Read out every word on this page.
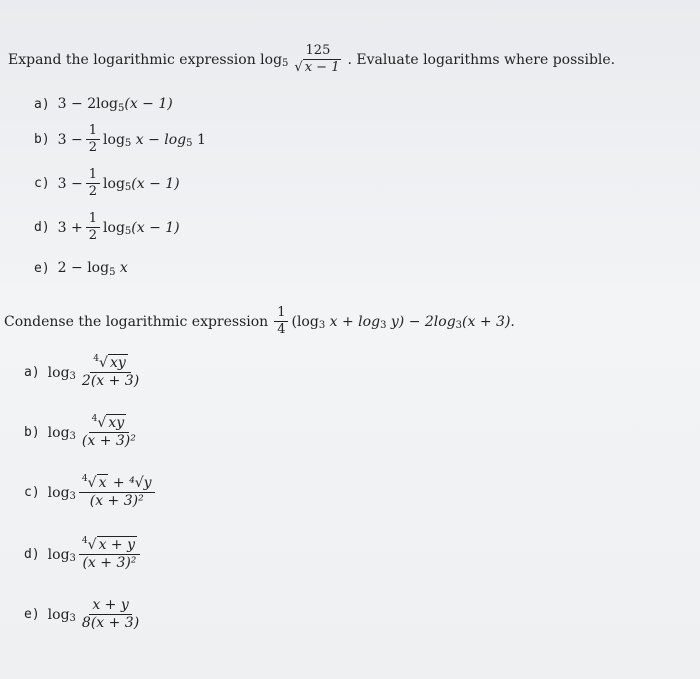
Expand the logarithmic expression $\log 5 \frac{125}{√ x - 1}$ . Evaluate logarithms where possible.
a) 3 − 2log 5 (x − 1)
b) $3 - \frac{1}{2}$ log 5 x − log 5 1
c) $3 - \frac{1}{2}$ log 5 (x − 1)
d) $3 + \frac{1}{2}$ log 5 (x − 1)
e) 2 − log 5 x
Condense the logarithmic expression $\frac{1}{4} (\log$ 3 x + log 3 y) − 2log 3 (x + 3).
a) $\log 3 \frac{^4√ xy}{2(x + 3)}$
b) $\log 3 \frac{^4√ xy}{\text{(x + 3)²}}$
c) $\log 3 \frac{^4√ x + ^4√y}{\text{(x + 3)²}}$
d) $\log 3 \frac{^4√ x + y}{\text{(x + 3)²}}$
e) $\log 3 \frac{x + y}{8(x + 3)}$
